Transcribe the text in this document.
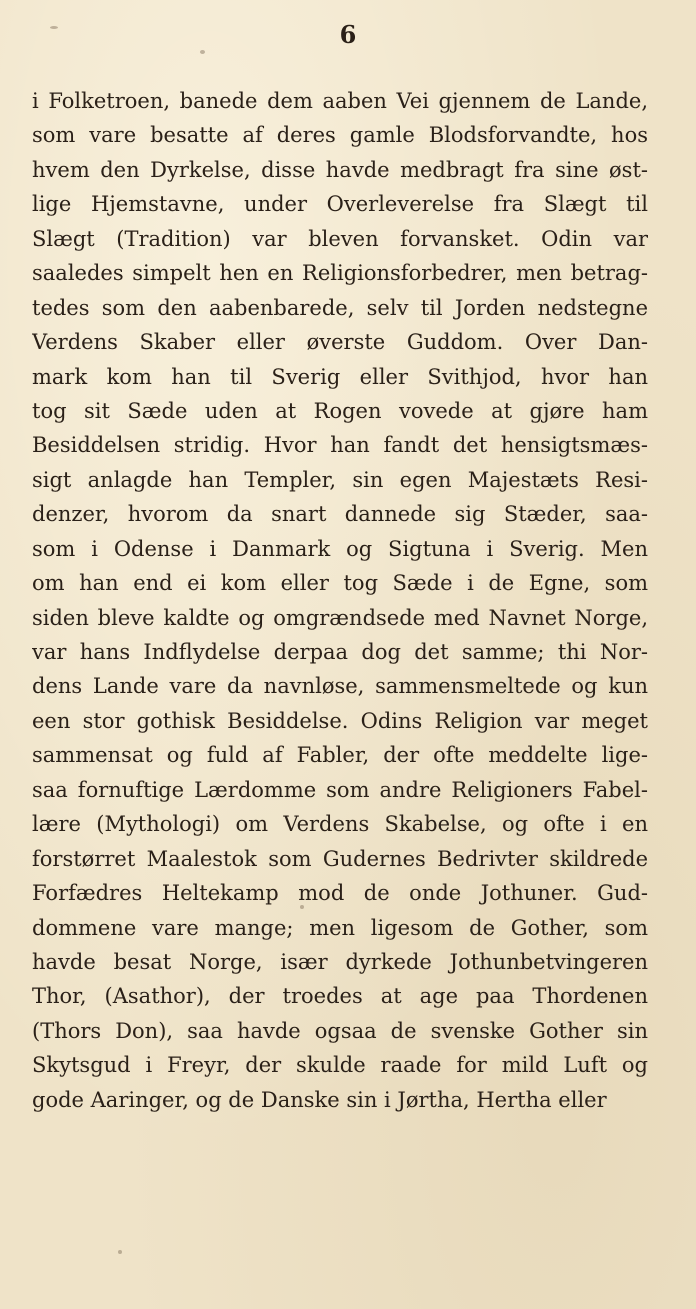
6
i Folketroen, banede dem aaben Vei gjennem de Lande,
som vare besatte af deres gamle Blodsforvandte, hos
hvem den Dyrkelse, disse havde medbragt fra sine øst‑
lige Hjemstavne, under Overleverelse fra Slægt til
Slægt (Tradition) var bleven forvansket. Odin var
saaledes simpelt hen en Religionsforbedrer, men betrag‑
tedes som den aabenbarede, selv til Jorden nedstegne
Verdens Skaber eller øverste Guddom. Over Dan‑
mark kom han til Sverig eller Svithjod, hvor han
tog sit Sæde uden at Rogen vovede at gjøre ham
Besiddelsen stridig. Hvor han fandt det hensigtsmæs‑
sigt anlagde han Templer, sin egen Majestæts Resi‑
denzer, hvorom da snart dannede sig Stæder, saa‑
som i Odense i Danmark og Sigtuna i Sverig. Men
om han end ei kom eller tog Sæde i de Egne, som
siden bleve kaldte og omgrændsede med Navnet Norge,
var hans Indflydelse derpaa dog det samme; thi Nor‑
dens Lande vare da navnløse, sammensmeltede og kun
een stor gothisk Besiddelse. Odins Religion var meget
sammensat og fuld af Fabler, der ofte meddelte lige‑
saa fornuftige Lærdomme som andre Religioners Fabel‑
lære (Mythologi) om Verdens Skabelse, og ofte i en
forstørret Maalestok som Gudernes Bedrivter skildrede
Forfædres Heltekamp mod de onde Jothuner. Gud‑
dommene vare mange; men ligesom de Gother, som
havde besat Norge, især dyrkede Jothunbetvingeren
Thor, (Asathor), der troedes at age paa Thordenen
(Thors Don), saa havde ogsaa de svenske Gother sin
Skytsgud i Freyr, der skulde raade for mild Luft og
gode Aaringer, og de Danske sin i Jørtha, Hertha eller
